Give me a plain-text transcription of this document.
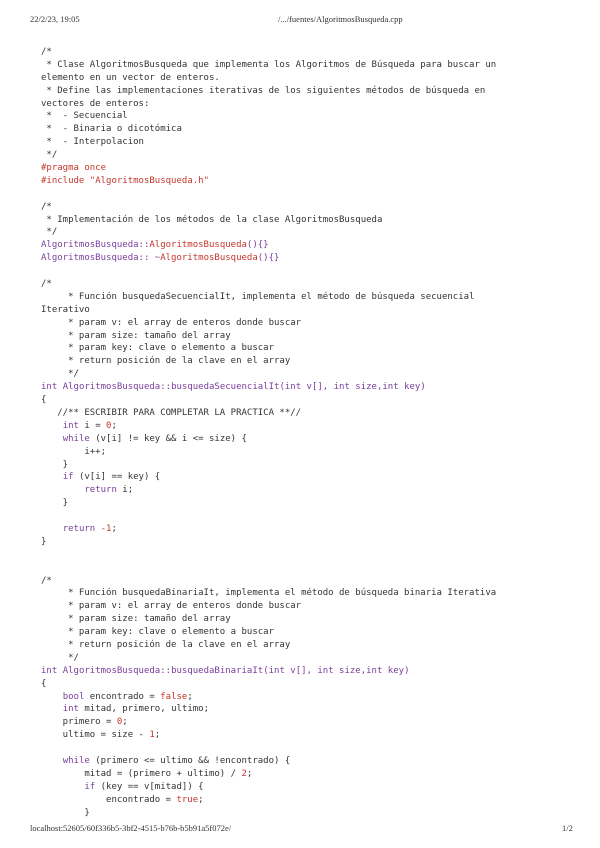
22/2/23, 19:05	/.../fuentes/AlgoritmosBusqueda.cpp
/*
* Clase AlgoritmosBusqueda que implementa los Algoritmos de Búsqueda para buscar un
elemento en un vector de enteros.
* Define las implementaciones iterativas de los siguientes métodos de búsqueda en
vectores de enteros:
*  - Secuencial
*  - Binaria o dicotómica
*  - Interpolacion
*/
#pragma once
#include "AlgoritmosBusqueda.h"

/*
* Implementación de los métodos de la clase AlgoritmosBusqueda
*/
AlgoritmosBusqueda::AlgoritmosBusqueda(){}
AlgoritmosBusqueda:: ~AlgoritmosBusqueda(){}

/*
* Función busquedaSecuencialIt, implementa el método de búsqueda secuencial
Iterativo
* param v: el array de enteros donde buscar
* param size: tamaño del array
* param key: clave o elemento a buscar
* return posición de la clave en el array
*/
int AlgoritmosBusqueda::busquedaSecuencialIt(int v[], int size,int key)
{
//** ESCRIBIR PARA COMPLETAR LA PRACTICA **//
int i = 0;
while (v[i] != key && i <= size) {
i++;
}
if (v[i] == key) {
return i;
}

return -1;
}

/*
* Función busquedaBinariaIt, implementa el método de búsqueda binaria Iterativa
* param v: el array de enteros donde buscar
* param size: tamaño del array
* param key: clave o elemento a buscar
* return posición de la clave en el array
*/
int AlgoritmosBusqueda::busquedaBinariaIt(int v[], int size,int key)
{
bool encontrado = false;
int mitad, primero, ultimo;
primero = 0;
ultimo = size - 1;

while (primero <= ultimo && !encontrado) {
mitad = (primero + ultimo) / 2;
if (key == v[mitad]) {
encontrado = true;
}
localhost:52605/60f336b5-3bf2-4515-b76b-b5b91a5f072e/	1/2
